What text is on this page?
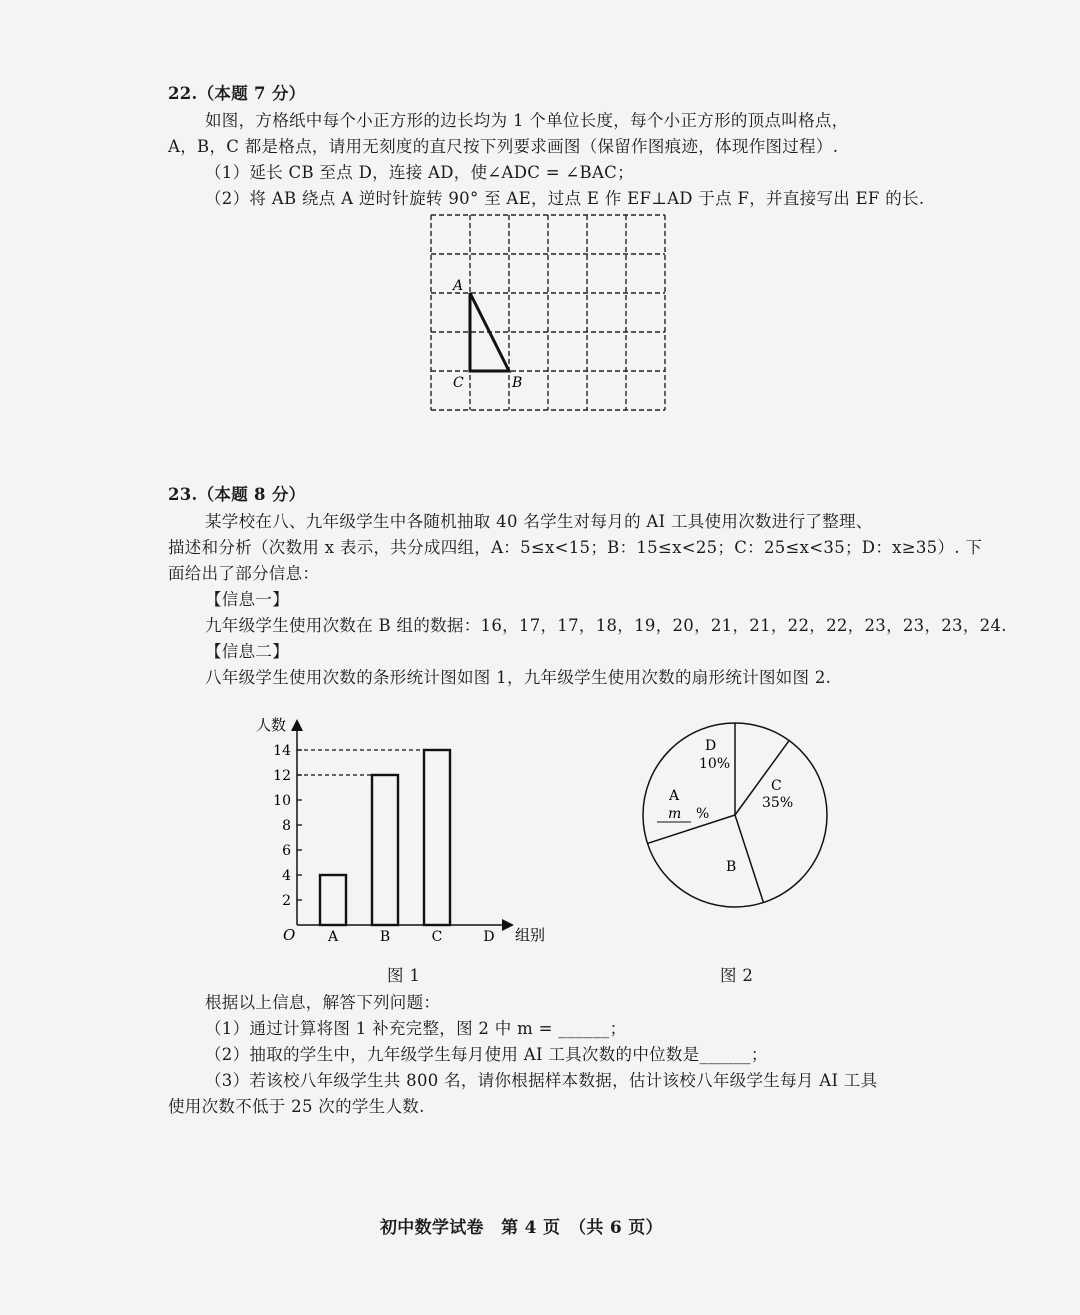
22.（本题 7 分）
如图，方格纸中每个小正方形的边长均为 1 个单位长度，每个小正方形的顶点叫格点，
A，B，C 都是格点，请用无刻度的直尺按下列要求画图（保留作图痕迹，体现作图过程）.
（1）延长 CB 至点 D，连接 AD，使∠ADC = ∠BAC；
（2）将 AB 绕点 A 逆时针旋转 90° 至 AE，过点 E 作 EF⊥AD 于点 F，并直接写出 EF 的长.
A
C	B
23.（本题 8 分）
某学校在八、九年级学生中各随机抽取 40 名学生对每月的 AI 工具使用次数进行了整理、
描述和分析（次数用 x 表示，共分成四组，A：5≤x<15；B：15≤x<25；C：25≤x<35；D：x≥35）. 下
面给出了部分信息：
【信息一】
九年级学生使用次数在 B 组的数据：16，17，17，18，19，20，21，21，22，22，23，23，23，24.
【信息二】
八年级学生使用次数的条形统计图如图 1，九年级学生使用次数的扇形统计图如图 2.
人数
组别
O
2
4
6
8
10
12
14
A	B	C	D
D
10%
C
35%
B
A
m %
图 1	图 2
根据以上信息，解答下列问题：
（1）通过计算将图 1 补充完整，图 2 中 m = ______；
（2）抽取的学生中，九年级学生每月使用 AI 工具次数的中位数是______；
（3）若该校八年级学生共 800 名，请你根据样本数据，估计该校八年级学生每月 AI 工具
使用次数不低于 25 次的学生人数.
初中数学试卷　第 4 页　（共 6 页）
